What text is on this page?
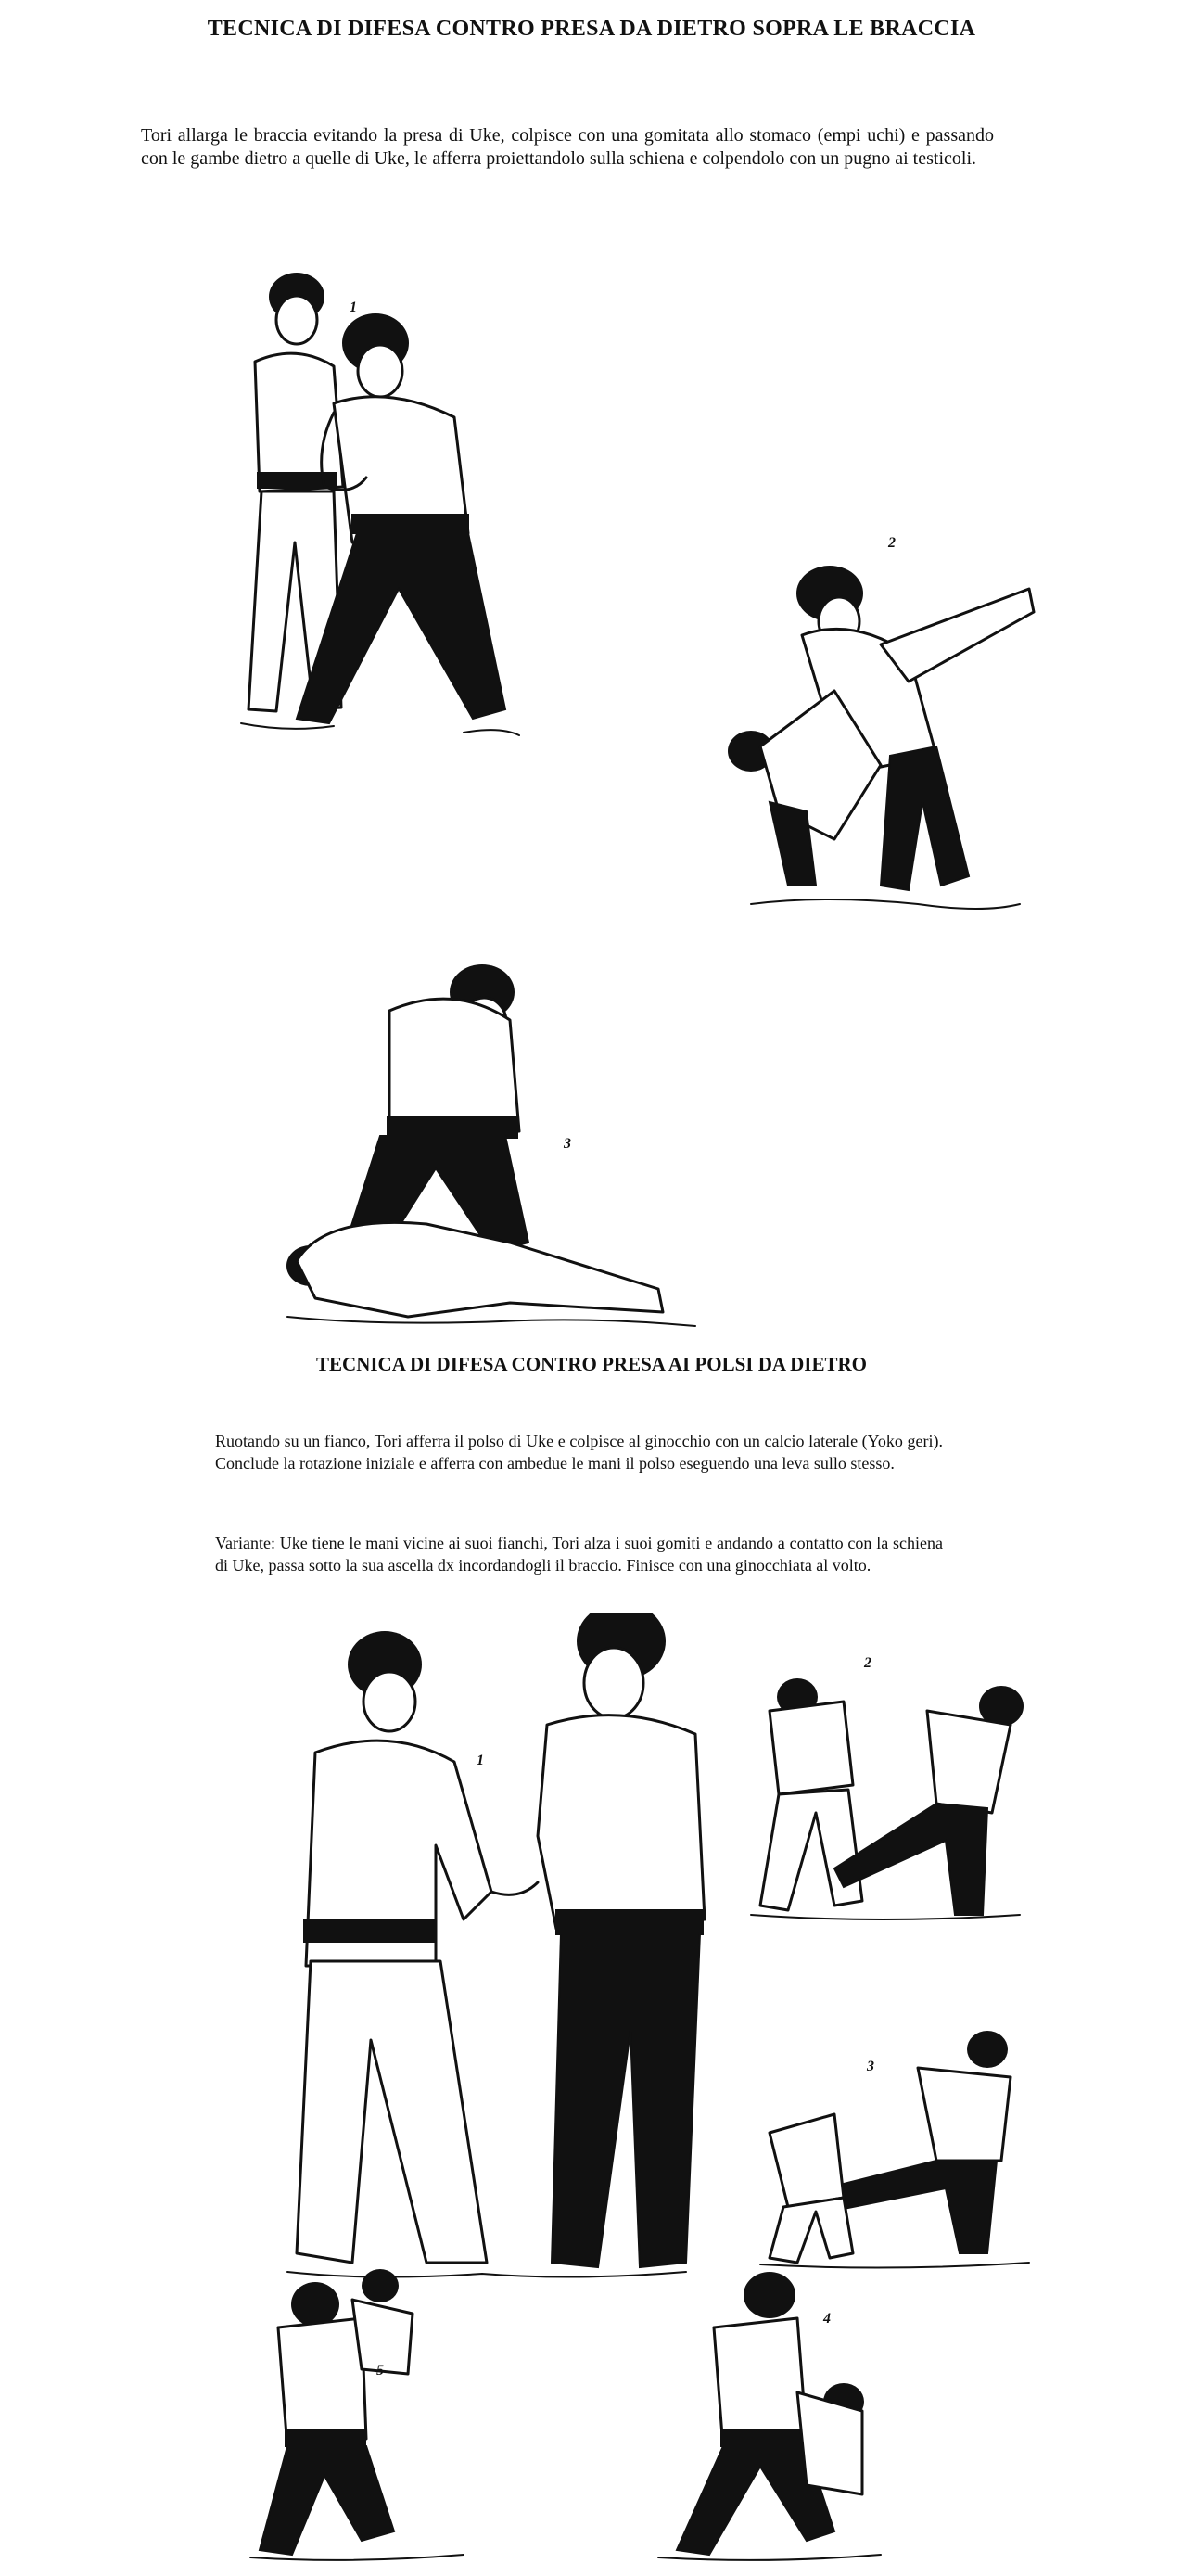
TECNICA DI DIFESA CONTRO PRESA DA DIETRO SOPRA LE BRACCIA
Tori allarga le braccia evitando la presa di Uke, colpisce con una gomitata allo stomaco (empi uchi) e passando con le gambe dietro a quelle di Uke, le afferra proiettandolo sulla schiena e colpendolo con un pugno ai testicoli.
1
2
3
TECNICA DI DIFESA CONTRO PRESA AI POLSI DA DIETRO
Ruotando su un fianco, Tori afferra il polso di Uke e colpisce al ginocchio con un calcio laterale (Yoko geri). Conclude la rotazione iniziale e afferra con ambedue le mani il polso eseguendo una leva sullo stesso.
Variante: Uke tiene le mani vicine ai suoi fianchi, Tori alza i suoi gomiti e andando a contatto con la schiena di Uke, passa sotto la sua ascella dx incordandogli il braccio. Finisce con una ginocchiata al volto.
1
2
3
4
5
